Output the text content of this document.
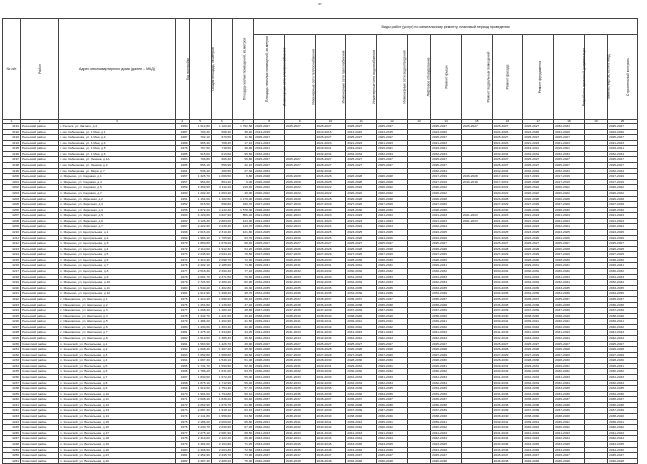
67
№ п/п	Район	Адрес многоквартирного дома (далее – МКД)	Год постройки	Общая площадь, кв.метров	Площадь жилых помещений, кв.метров	Площадь нежилых помещений, кв.метров	Виды работ (услуг) по капитальному ремонту, плановый период проведения												
							Инженерные сети электроснабжения	Инженерные сети теплоснабжения	Инженерные сети газоснабжения	Инженерные сети водоснабжения	Инженерные сети водоотведения	Лифтовое оборудование	Ремонт крыши	Ремонт подвальных помещений	Ремонт фасада	Ремонт фундамента	Разработка проектной документации	Замена лифтов, если в МКД	Строительный контроль
1	2	3	4	5	6	7	8	9	10	11	12	13	14	15	16	17	18	19	20
4191	Рыльский район	г. Рыльск, ул. Заглаго, д.4	1990	1 612,80	1 120,40	1 762,58	2025-2027	2025-2027	2025-2027	2025-2027	2025-2027		2025-2027	2025-2027	2025-2027	2025-2027	2032-2034		2025-2027
4192	Рыльский район	г. им. Кабешкова, ул. 1 Мая, д.1	1987	703,30	508,40	35,40	2013-2015		2013-2015	2013-2015	2013-2015		2024-2026		2024-2026	2024-2026	2024-2026		2024-2026
4193	Рыльский район	г. им. Кабешкова, ул. 1 Мая, д.2	1987	702,10	679,50	11,50	2025-2027		2025-2027	2025-2027	2025-2027		2025-2027		2025-2027	2025-2027	2025-2027		2025-2027
4194	Рыльский район	г. им. Кабешкова, ул. 1 Мая, д.4	1989	965,40	708,30	17,10	2021-2023		2021-2023	2021-2023	2021-2023		2021-2023		2021-2023	2021-2023	2021-2023		2021-2023
4195	Рыльский район	г. им. Кабешкова, ул. 1 Мая, д.5	1978	767,50	718,50	48,90	2019-2021		2019-2021	2019-2021	2019-2021		2019-2021		2019-2021	2019-2021	2019-2021		2019-2021
4196	Рыльский район	г. им. Кабешкова, ул. 1 Мая, д.6	1985	915,60	613,60	95,60	2032-2034		2032-2034	2032-2034	2032-2034		2032-2034		2032-2034	2032-2034	2032-2034		2032-2034
4197	Рыльский район	г. им. Кабешкова, ул. Ленина, д.1А	1983	796,80	665,40	59,80	2025-2027	2025-2027	2025-2027	2025-2027	2025-2027		2025-2027		2025-2027	2025-2027	2025-2027		2025-2027
4198	Рыльский район	г. им. Кабешкова, ул. Ленина, д.2	1986	656,10	556,90	42,10	2025-2027	2025-2027	2025-2027	2025-2027	2025-2027		2025-2027		2025-2027	2025-2027	2025-2027		2025-2027
4199	Рыльский район	г. им. Кабешкова, ул. Мира, д.7	1981	536,40	460,50	27,30	2032-2034		2032-2034				2032-2034		2032-2034	2032-2034	2032-2034		2032-2034
4200	Рыльский район	п. Марьино, ул. Садовая, д.1	1957	1 325,70	1 066,50	6,80	2026-2028	2026-2028	2026-2028	2026-2028	2026-2028		2017-2019	2026-2028	2017-2019	2017-2019	2017-2019		2017-2019
4201	Рыльский район	п. Марьино, ул. Садовая, д.4	1957	954,80	864,40	0,00	2026-2028	2026-2028	2026-2028	2026-2028	2026-2028		2017-2019	2016-2018	2017-2019	2026-2028	2017-2019		2017-2019
4202	Рыльский район	п. Марьино, ул. Садовая, д.6	1959	2 369,50	2 110,20	218,40	2020-2022	2020-2022	2020-2022	2020-2022	2020-2022		2020-2022		2020-2022	2020-2022	2020-2022		2020-2022
4203	Рыльский район	п. Марьино, ул. Садовая, д.7	1960	1 202,40	1 063,40	46,00	2020-2022	2020-2022	2020-2022	2020-2022	2020-2022		2020-2022		2020-2022	2020-2022	2020-2022		2020-2022
4204	Рыльский район	п. Марьино, ул. Заречная, д.2	1951	1 154,00	1 102,50	1 179,00	2026-2028	2026-2028	2026-2028	2026-2028	2026-2028		2026-2028		2026-2028	2026-2028	2026-2028		2026-2028
4205	Рыльский район	п. Марьино, ул. Заречная, д.3	1952	615,50	598,80	196,70	2027-2029	2027-2029	2027-2029	2027-2029	2027-2029		2027-2029		2027-2029	2027-2029	2027-2029		2027-2029
4206	Рыльский район	п. Марьино, ул. Заречная, д.4	1958	4 672,20	4 132,40	1 578,00	2028-2030	2028-2030	2028-2030	2028-2030	2028-2030		2028-2030		2028-2030	2028-2030	2028-2030		2028-2030
4207	Рыльский район	п. Марьино, ул. Заречная, д.5	1960	4 129,60	3 827,90	856,40	2021-2023	2021-2023	2021-2023	2021-2023	2021-2023		2021-2023	2021-2023	2021-2023	2021-2023	2021-2023		2021-2023
4208	Рыльский район	п. Марьино, ул. Заречная, д.6	1962	3 126,30	2 883,00	123,30	2021-2023	2021-2023	2021-2023	2021-2023	2021-2023		2021-2023	2021-2023	2021-2023	2021-2023	2021-2023		2021-2023
4209	Рыльский район	п. Марьино, ул. Заречная, д.7	1967	2 422,90	2 239,30	110,70	2022-2024	2022-2024	2022-2024	2022-2024	2022-2024		2022-2024		2022-2024	2022-2024	2022-2024		2022-2024
4210	Рыльский район	п. Марьино, ул. Центральная, д.1	1968	2 615,20	2 310,40	121,80	2023-2025	2023-2025	2023-2025	2023-2025	2023-2025		2023-2025		2023-2025	2023-2025	2023-2025		2023-2025
4211	Рыльский район	п. Марьино, ул. Центральная, д.2	1969	1 983,40	1 765,90	63,70	2024-2026	2024-2026	2024-2026	2024-2026	2024-2026		2024-2026		2024-2026	2024-2026	2024-2026		2024-2026
4212	Рыльский район	п. Марьино, ул. Центральная, д.3	1970	1 850,80	1 678,20	58,40	2025-2027	2025-2027	2025-2027	2025-2027	2025-2027		2025-2027		2025-2027	2025-2027	2025-2027		2025-2027
4213	Рыльский район	п. Марьино, ул. Центральная, д.4	1972	2 110,60	1 912,30	64,20	2026-2028	2026-2028	2026-2028	2026-2028	2026-2028		2026-2028		2026-2028	2026-2028	2026-2028		2026-2028
4214	Рыльский район	п. Марьино, ул. Центральная, д.5	1973	2 245,90	2 034,10	70,50	2027-2029	2027-2029	2027-2029	2027-2029	2027-2029		2027-2029		2027-2029	2027-2029	2027-2029		2027-2029
4215	Рыльский район	п. Марьино, ул. Центральная, д.6	1974	2 310,40	2 098,70	72,30	2028-2030	2028-2030	2028-2030	2028-2030	2028-2030		2028-2030		2028-2030	2028-2030	2028-2030		2028-2030
4216	Рыльский район	п. Марьино, ул. Центральная, д.7	1976	2 402,10	2 185,60	74,80	2029-2031	2029-2031	2029-2031	2029-2031	2029-2031		2029-2031		2029-2031	2029-2031	2029-2031		2029-2031
4217	Рыльский район	п. Марьино, ул. Центральная, д.8	1977	2 518,30	2 290,40	77,10	2030-2032	2030-2032	2030-2032	2030-2032	2030-2032		2030-2032		2030-2032	2030-2032	2030-2032		2030-2032
4218	Рыльский район	п. Марьино, ул. Центральная, д.9	1978	2 601,70	2 371,50	79,60	2031-2033	2031-2033	2031-2033	2031-2033	2031-2033		2031-2033		2031-2033	2031-2033	2031-2033		2031-2033
4219	Рыльский район	п. Марьино, ул. Центральная, д.10	1979	2 724,50	2 480,20	82,90	2032-2034	2032-2034	2032-2034	2032-2034	2032-2034		2032-2034		2032-2034	2032-2034	2032-2034		2032-2034
4220	Рыльский район	п. Марьино, ул. Центральная, д.11	1980	1 540,20	1 402,80	46,30	2033-2035	2033-2035	2033-2035	2033-2035	2033-2035		2033-2035		2033-2035	2033-2035	2033-2035		2033-2035
4221	Рыльский район	п. Марьино, ул. Центральная, д.12	1981	1 612,90	1 468,40	48,70	2034-2036	2034-2036	2034-2036	2034-2036	2034-2036		2034-2036		2034-2036	2034-2036	2034-2036		2034-2036
4222	Рыльский район	с. Ивановское, ул. Школьная, д.1	1975	1 210,40	1 098,20	36,10	2035-2037	2035-2037	2035-2037	2035-2037	2035-2037		2035-2037		2035-2037	2035-2037	2035-2037		2035-2037
4223	Рыльский район	с. Ивановское, ул. Школьная, д.2	1976	1 254,80	1 139,60	37,40	2036-2038	2036-2038	2036-2038	2036-2038	2036-2038		2036-2038		2036-2038	2036-2038	2036-2038		2036-2038
4224	Рыльский район	с. Ивановское, ул. Школьная, д.3	1977	1 298,30	1 180,10	38,80	2037-2039	2037-2039	2037-2039	2037-2039	2037-2039		2037-2039		2037-2039	2037-2039	2037-2039		2037-2039
4225	Рыльский район	с. Ивановское, ул. Школьная, д.4	1978	1 342,70	1 221,50	40,10	2038-2040	2038-2040	2038-2040	2038-2040	2038-2040		2038-2040		2038-2040	2038-2040	2038-2040		2038-2040
4226	Рыльский район	с. Ивановское, ул. Школьная, д.5	1979	1 386,20	1 262,90	41,50	2039-2041	2039-2041	2039-2041	2039-2041	2039-2041		2039-2041		2039-2041	2039-2041	2039-2041		2039-2041
4227	Рыльский район	с. Ивановское, ул. Школьная, д.6	1980	1 430,60	1 303,40	42,90	2040-2042	2040-2042	2040-2042	2040-2042	2040-2042		2040-2042		2040-2042	2040-2042	2040-2042		2040-2042
4228	Рыльский район	с. Ивановское, ул. Школьная, д.7	1981	1 475,10	1 344,80	44,20	2041-2043	2041-2043	2041-2043	2041-2043	2041-2043		2041-2043		2041-2043	2041-2043	2041-2043		2041-2043
4229	Рыльский район	с. Ивановское, ул. Школьная, д.8	1982	1 519,50	1 385,30	45,60	2042-2044	2042-2044	2042-2044	2042-2044	2042-2044		2042-2044		2042-2044	2042-2044	2042-2044		2042-2044
4230	Советский район	п. Кшенский, ул. Вокзальная, д.1	1961	1 563,90	1 426,70	46,90	2025-2027	2025-2027	2025-2027	2025-2027	2025-2027		2025-2027		2025-2027	2025-2027	2025-2027		2025-2027
4231	Советский район	п. Кшенский, ул. Вокзальная, д.2	1962	1 608,40	1 467,20	48,30	2026-2028	2026-2028	2026-2028	2026-2028	2026-2028		2026-2028		2026-2028	2026-2028	2026-2028		2026-2028
4232	Советский район	п. Кшенский, ул. Вокзальная, д.3	1963	1 652,80	1 508,60	49,60	2027-2029	2027-2029	2027-2029	2027-2029	2027-2029		2027-2029		2027-2029	2027-2029	2027-2029		2027-2029
4233	Советский район	п. Кшенский, ул. Вокзальная, д.4	1964	1 697,30	1 549,10	51,00	2028-2030	2028-2030	2028-2030	2028-2030	2028-2030		2028-2030		2028-2030	2028-2030	2028-2030		2028-2030
4234	Советский район	п. Кшенский, ул. Вокзальная, д.5	1965	1 741,70	1 590,50	52,30	2029-2031	2029-2031	2029-2031	2029-2031	2029-2031		2029-2031		2029-2031	2029-2031	2029-2031		2029-2031
4235	Советский район	п. Кшенский, ул. Вокзальная, д.6	1966	1 786,20	1 631,00	53,70	2030-2032	2030-2032	2030-2032	2030-2032	2030-2032		2030-2032		2030-2032	2030-2032	2030-2032		2030-2032
4236	Советский район	п. Кшенский, ул. Вокзальная, д.7	1967	1 830,60	1 672,40	55,00	2031-2033	2031-2033	2031-2033	2031-2033	2031-2033		2031-2033		2031-2033	2031-2033	2031-2033		2031-2033
4237	Советский район	п. Кшенский, ул. Вокзальная, д.8	1968	1 875,10	1 712,90	56,40	2032-2034	2032-2034	2032-2034	2032-2034	2032-2034		2032-2034		2032-2034	2032-2034	2032-2034		2032-2034
4238	Советский район	п. Кшенский, ул. Вокзальная, д.9	1969	1 919,50	1 754,30	57,70	2033-2035	2033-2035	2033-2035	2033-2035	2033-2035		2033-2035		2033-2035	2033-2035	2033-2035		2033-2035
4239	Советский район	п. Кшенский, ул. Вокзальная, д.10	1970	1 964,00	1 794,80	59,10	2034-2036	2034-2036	2034-2036	2034-2036	2034-2036		2034-2036		2034-2036	2034-2036	2034-2036		2034-2036
4240	Советский район	п. Кшенский, ул. Вокзальная, д.11	1971	2 008,40	1 836,20	60,40	2035-2037	2035-2037	2035-2037	2035-2037	2035-2037		2035-2037		2035-2037	2035-2037	2035-2037		2035-2037
4241	Советский район	п. Кшенский, ул. Вокзальная, д.12	1972	2 052,90	1 876,70	61,80	2036-2038	2036-2038	2036-2038	2036-2038	2036-2038		2036-2038		2036-2038	2036-2038	2036-2038		2036-2038
4242	Советский район	п. Кшенский, ул. Вокзальная, д.13	1973	2 097,30	1 918,10	63,10	2037-2039	2037-2039	2037-2039	2037-2039	2037-2039		2037-2039		2037-2039	2037-2039	2037-2039		2037-2039
4243	Советский район	п. Кшенский, ул. Вокзальная, д.14	1974	2 141,80	1 958,60	64,50	2038-2040	2038-2040	2038-2040	2038-2040	2038-2040		2038-2040		2038-2040	2038-2040	2038-2040		2038-2040
4244	Советский район	п. Кшенский, ул. Вокзальная, д.15	1975	2 186,20	2 000,00	65,80	2039-2041	2039-2041	2039-2041	2039-2041	2039-2041		2039-2041		2039-2041	2039-2041	2039-2041		2039-2041
4245	Советский район	п. Кшенский, ул. Вокзальная, д.16	1976	2 230,70	2 040,50	67,20	2040-2042	2040-2042	2040-2042	2040-2042	2040-2042		2040-2042		2040-2042	2040-2042	2040-2042		2040-2042
4246	Советский район	п. Кшенский, ул. Вокзальная, д.17	1977	2 275,10	2 081,90	68,50	2041-2043	2041-2043	2041-2043	2041-2043	2041-2043		2041-2043		2041-2043	2041-2043	2041-2043		2041-2043
4247	Советский район	п. Кшенский, ул. Вокзальная, д.18	1978	2 319,60	2 122,40	69,90	2042-2044	2042-2044	2042-2044	2042-2044	2042-2044		2042-2044		2042-2044	2042-2044	2042-2044		2042-2044
4248	Советский район	п. Кшенский, ул. Вокзальная, д.19	1979	2 364,00	2 163,80	71,20	2043-2045	2043-2045	2043-2045	2043-2045	2043-2045		2043-2045		2043-2045	2043-2045	2043-2045		2043-2045
4249	Советский район	п. Кшенский, ул. Вокзальная, д.20	1980	2 408,50	2 204,30	72,60	2044-2046	2044-2046	2044-2046	2044-2046	2044-2046		2044-2046		2044-2046	2044-2046	2044-2046		2044-2046
4250	Советский район	п. Кшенский, ул. Вокзальная, д.21	1981	2 452,90	2 245,70	73,90	2045-2047	2045-2047	2045-2047	2045-2047	2045-2047		2045-2047		2045-2047	2045-2047	2045-2047		2045-2047
4251	Советский район	п. Кшенский, ул. Вокзальная, д.22	1982	2 497,40	2 286,20	75,30	2046-2048	2046-2048	2046-2048	2046-2048	2046-2048		2046-2048		2046-2048	2046-2048	2046-2048		2046-2048
